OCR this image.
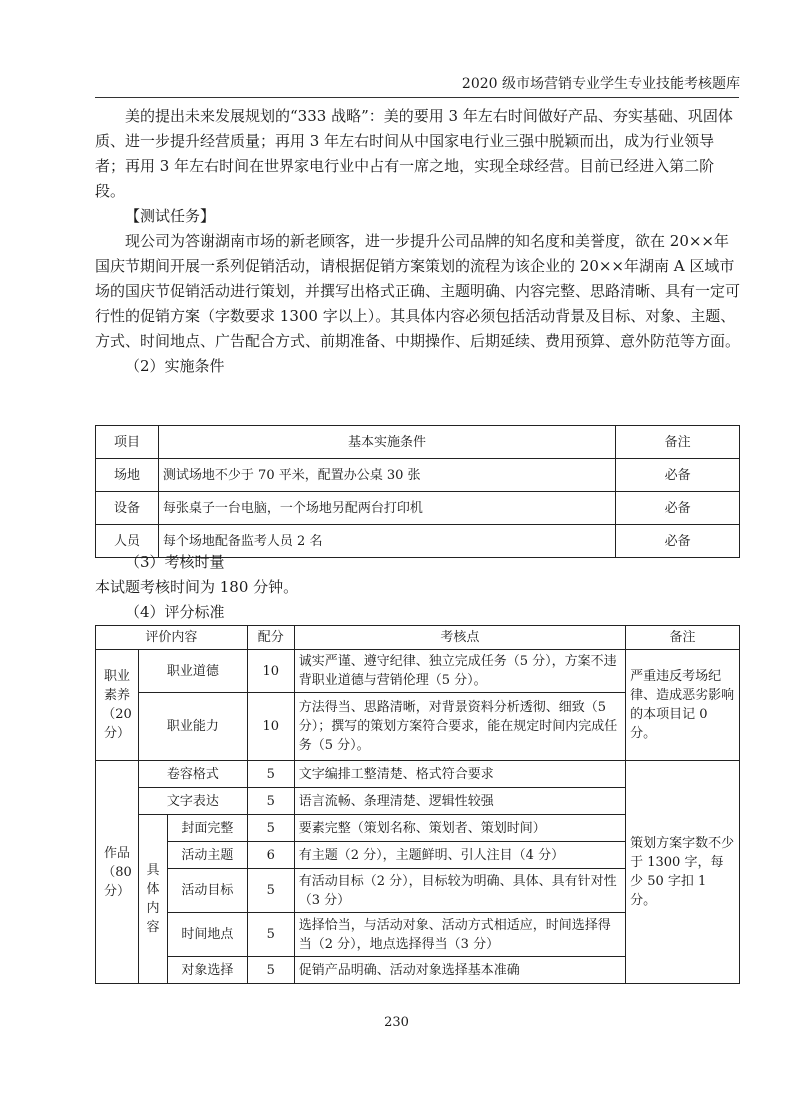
2020 级市场营销专业学生专业技能考核题库

美的提出未来发展规划的“333 战略”：美的要用 3 年左右时间做好产品、夯实基础、巩固体质、进一步提升经营质量；再用 3 年左右时间从中国家电行业三强中脱颖而出，成为行业领导者；再用 3 年左右时间在世界家电行业中占有一席之地，实现全球经营。目前已经进入第二阶段。

【测试任务】

现公司为答谢湖南市场的新老顾客，进一步提升公司品牌的知名度和美誉度，欲在 20××年国庆节期间开展一系列促销活动，请根据促销方案策划的流程为该企业的 20××年湖南 A 区域市场的国庆节促销活动进行策划，并撰写出格式正确、主题明确、内容完整、思路清晰、具有一定可行性的促销方案（字数要求 1300 字以上）。其具体内容必须包括活动背景及目标、对象、主题、方式、时间地点、广告配合方式、前期准备、中期操作、后期延续、费用预算、意外防范等方面。

（2）实施条件

项目	基本实施条件	备注
场地	测试场地不少于 70 平米，配置办公桌 30 张	必备
设备	每张桌子一台电脑，一个场地另配两台打印机	必备
人员	每个场地配备监考人员 2 名	必备

（3）考核时量

本试题考核时间为 180 分钟。

（4）评分标准

评价内容			配分	考核点	备注
职业素养（20分）	职业道德		10	诚实严谨、遵守纪律、独立完成任务（5 分），方案不违背职业道德与营销伦理（5 分）。	严重违反考场纪律、造成恶劣影响的本项目记 0 分。
	职业能力		10	方法得当、思路清晰，对背景资料分析透彻、细致（5 分）；撰写的策划方案符合要求，能在规定时间内完成任务（5 分）。	
作品（80分）	卷容格式		5	文字编排工整清楚、格式符合要求	策划方案字数不少于 1300 字，每少 50 字扣 1 分。
	文字表达		5	语言流畅、条理清楚、逻辑性较强	
	具体内容	封面完整	5	要素完整（策划名称、策划者、策划时间）	
		活动主题	6	有主题（2 分），主题鲜明、引人注目（4 分）	
		活动目标	5	有活动目标（2 分），目标较为明确、具体、具有针对性（3 分）	
		时间地点	5	选择恰当，与活动对象、活动方式相适应，时间选择得当（2 分），地点选择得当（3 分）	
		对象选择	5	促销产品明确、活动对象选择基本准确	
230
